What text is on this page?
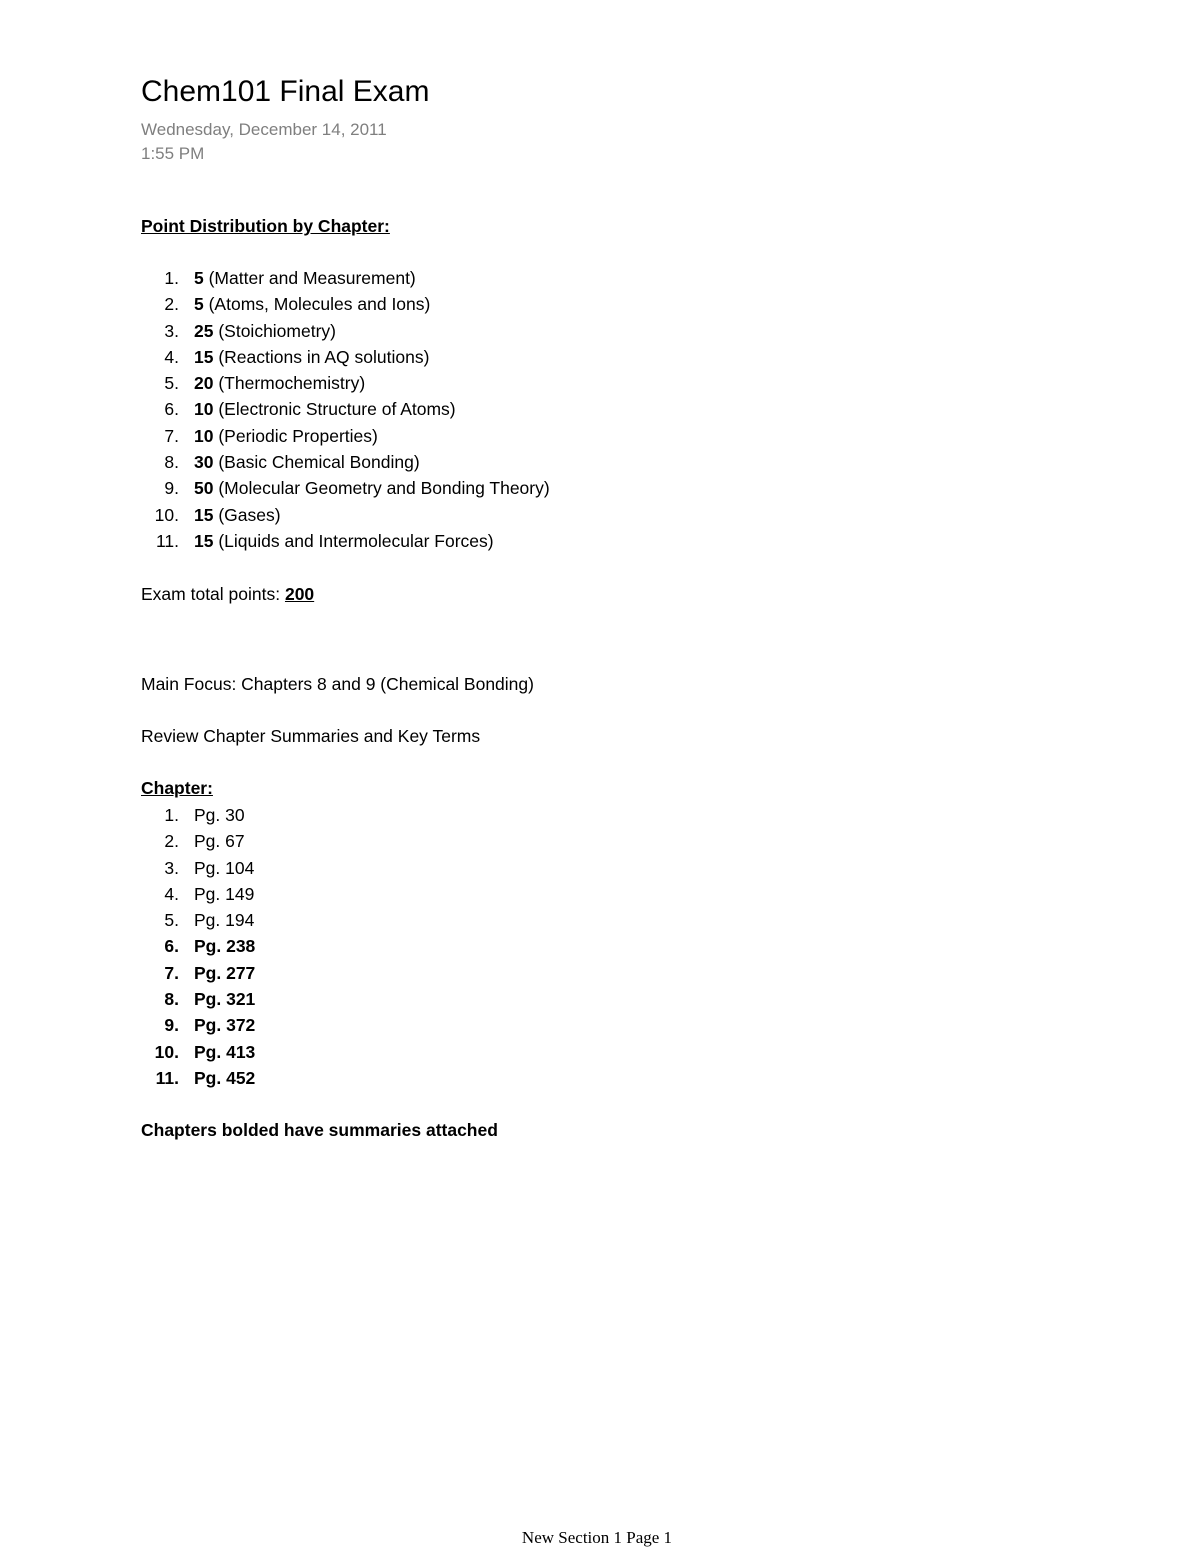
Chem101 Final Exam
Wednesday, December 14, 2011
1:55 PM
Point Distribution by Chapter:
1. 5 (Matter and Measurement)
2. 5 (Atoms, Molecules and Ions)
3. 25 (Stoichiometry)
4. 15 (Reactions in AQ solutions)
5. 20 (Thermochemistry)
6. 10 (Electronic Structure of Atoms)
7. 10 (Periodic Properties)
8. 30 (Basic Chemical Bonding)
9. 50 (Molecular Geometry and Bonding Theory)
10. 15 (Gases)
11. 15 (Liquids and Intermolecular Forces)
Exam total points: 200
Main Focus: Chapters 8 and 9 (Chemical Bonding)
Review Chapter Summaries and Key Terms
Chapter:
1. Pg. 30
2. Pg. 67
3. Pg. 104
4. Pg. 149
5. Pg. 194
6. Pg. 238
7. Pg. 277
8. Pg. 321
9. Pg. 372
10. Pg. 413
11. Pg. 452
Chapters bolded have summaries attached
New Section 1 Page 1
